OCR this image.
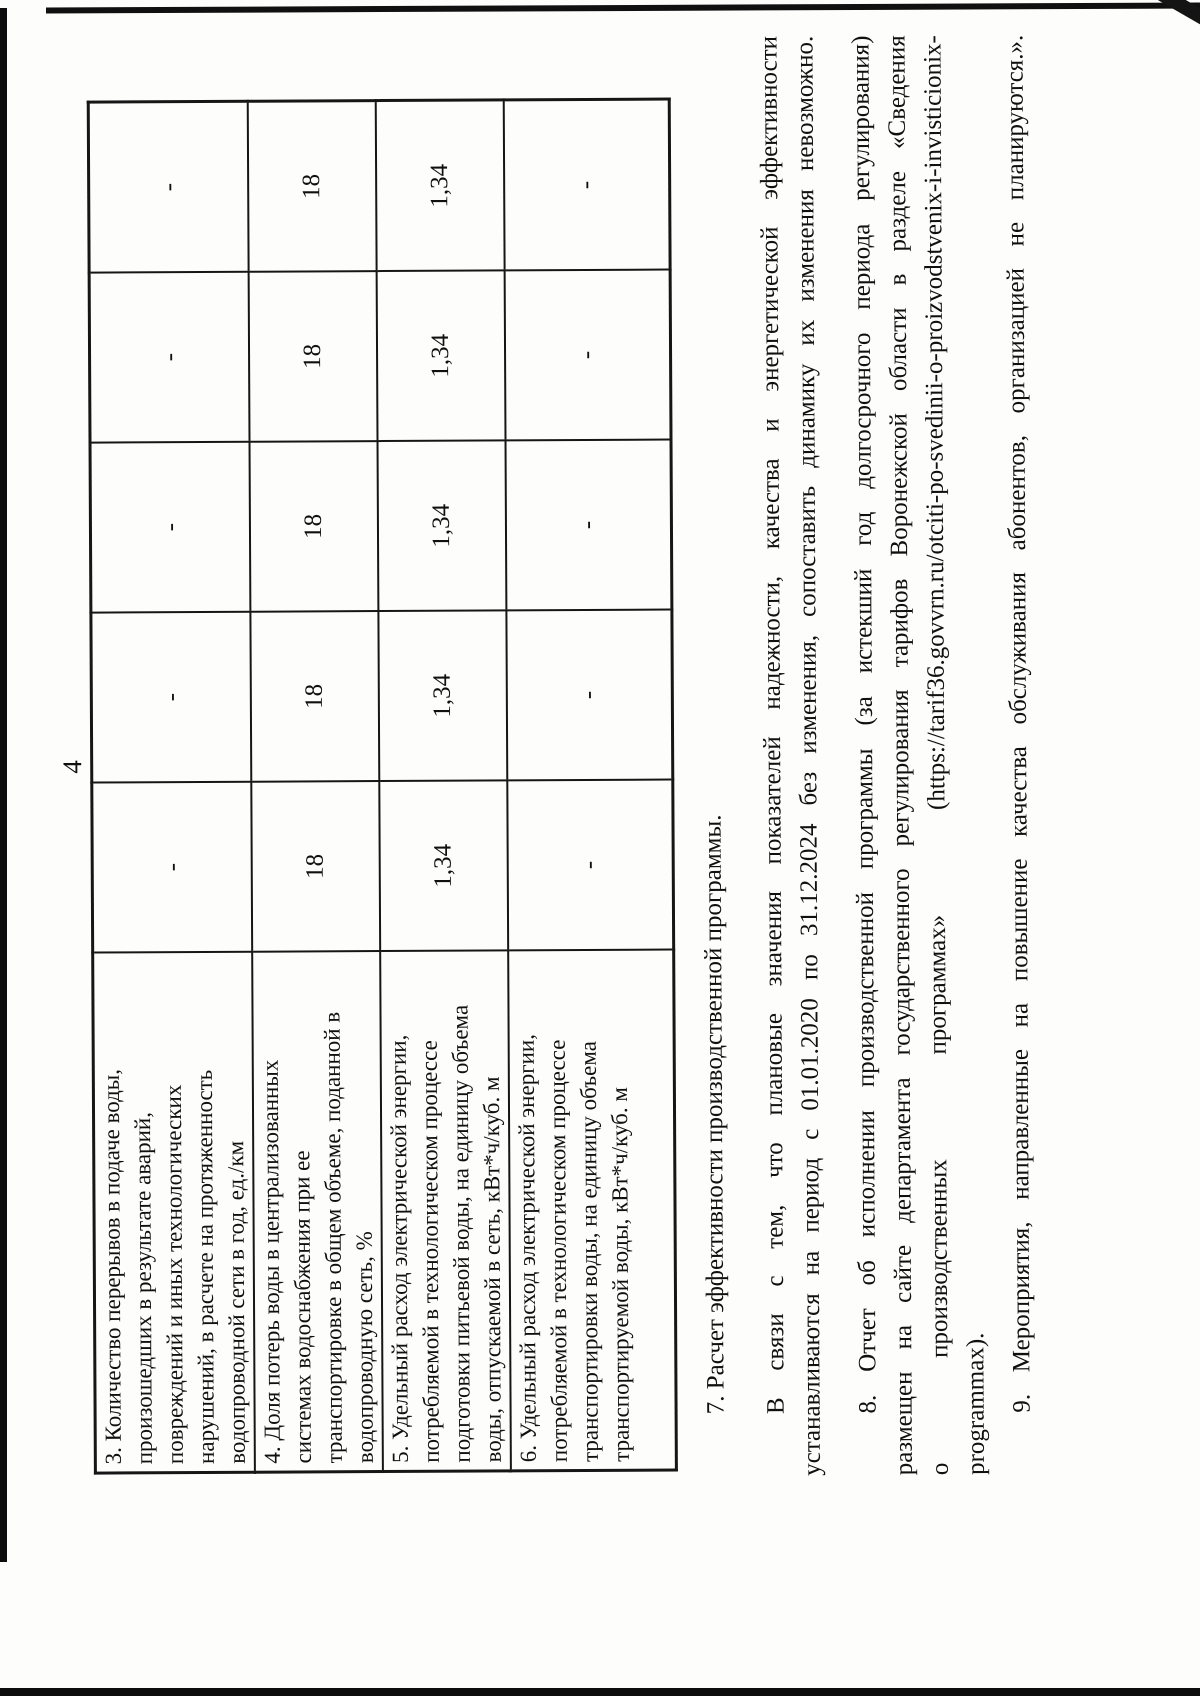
4
3. Количество перерывов в подаче воды,
произошедших в результате аварий,
повреждений и иных технологических
нарушений, в расчете на протяженность
водопроводной сети в год, ед./км	-	-	-	-	-
4. Доля потерь воды в централизованных
системах водоснабжения при ее
транспортировке в общем объеме, поданной в
водопроводную сеть, %	18	18	18	18	18
5. Удельный расход электрической энергии,
потребляемой в технологическом процессе
подготовки питьевой воды, на единицу объема
воды, отпускаемой в сеть, кВт*ч/куб. м	1,34	1,34	1,34	1,34	1,34
6. Удельный расход электрической энергии,
потребляемой в технологическом процессе
транспортировки воды, на единицу объема
транспортируемой воды, кВт*ч/куб. м	-	-	-	-	-
7. Расчет эффективности производственной программы. В связи с тем, что плановые значения показателей надежности, качества и энергетической эффективности устанавливаются на период с 01.01.2020 по 31.12.2024 без изменения, сопоставить динамику их изменения невозможно. 8. Отчет об исполнении производственной программы (за истекший год долгосрочного периода регулирования) размещен на сайте департамента государственного регулирования тарифов Воронежской области в разделе «Сведения о производственных программах» (https://tarif36.govvrn.ru/otciti-po-svedinii-o-proizvodstvenix-i-invisticionix- programmax). 9. Мероприятия, направленные на повышение качества обслуживания абонентов, организацией не планируются.».
